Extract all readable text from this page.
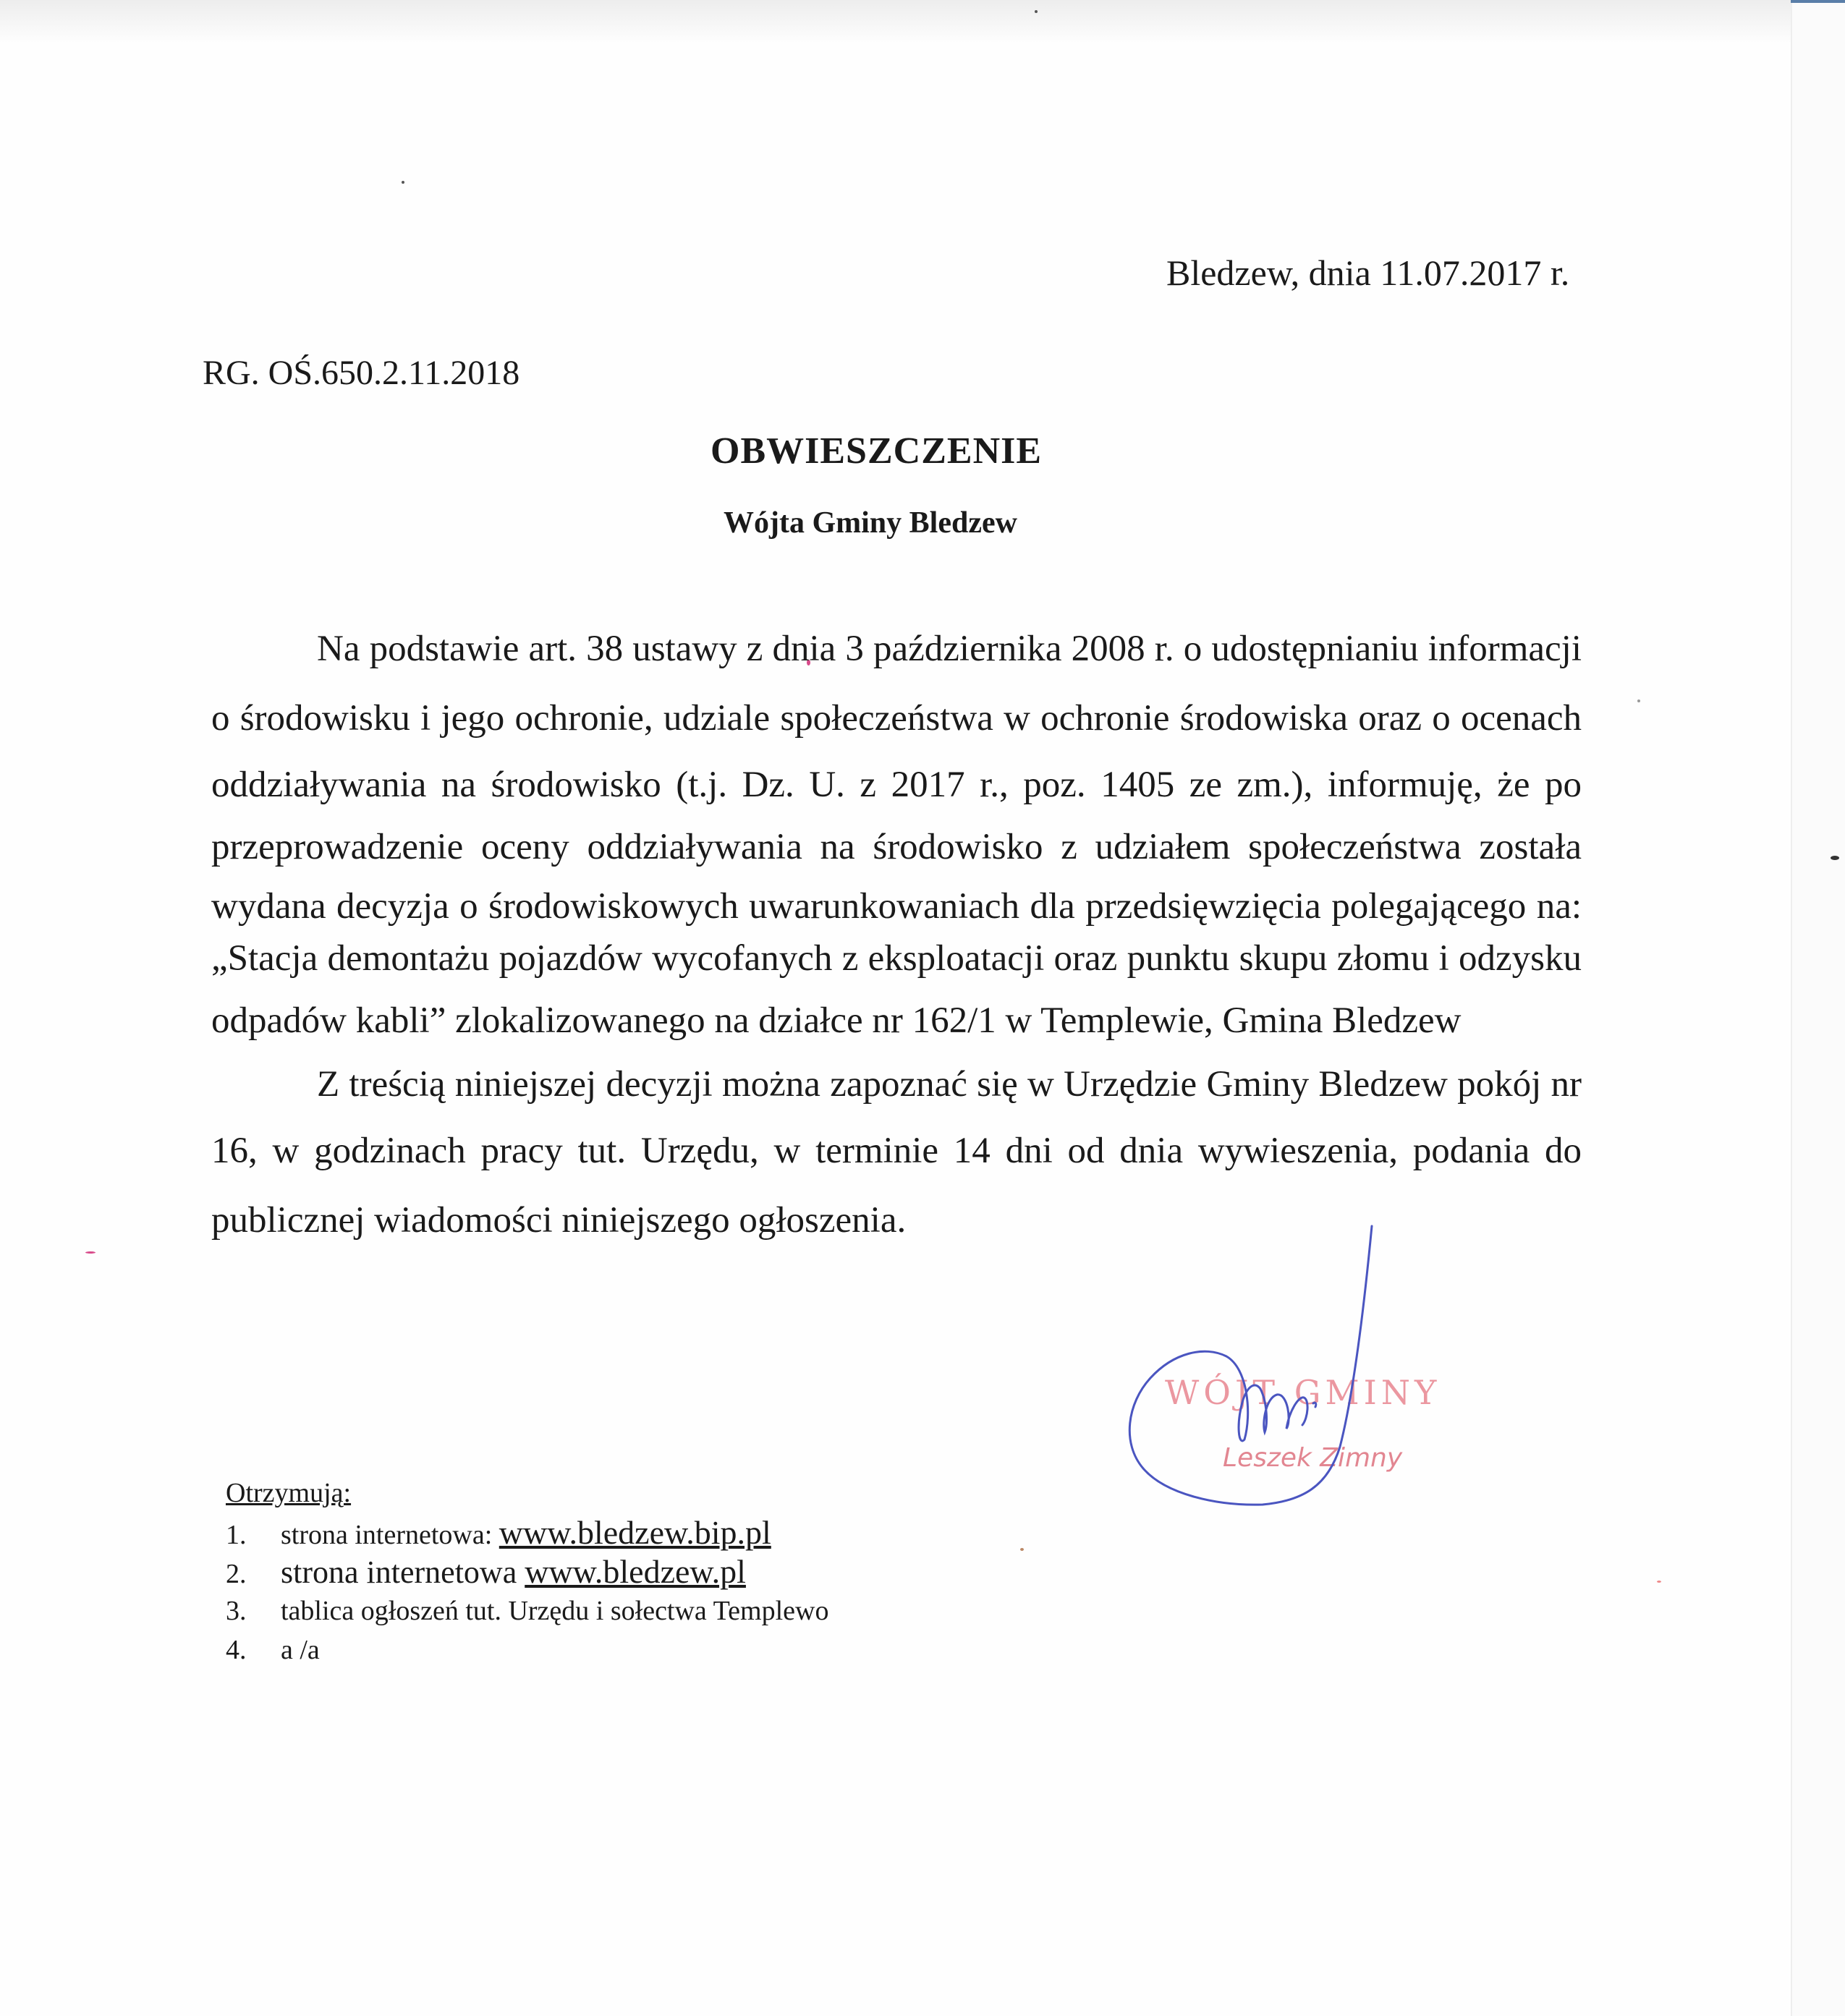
Bledzew, dnia 11.07.2017 r.
RG. OŚ.650.2.11.2018
OBWIESZCZENIE
Wójta Gminy Bledzew
Na podstawie art. 38 ustawy z dnia 3 października 2008 r. o udostępnianiu informacji
o środowisku i jego ochronie, udziale społeczeństwa w ochronie środowiska oraz o ocenach
oddziaływania na środowisko (t.j. Dz. U. z 2017 r., poz. 1405 ze zm.), informuję, że po
przeprowadzenie oceny oddziaływania na środowisko z udziałem społeczeństwa została
wydana decyzja o środowiskowych uwarunkowaniach dla przedsięwzięcia polegającego na:
„Stacja demontażu pojazdów wycofanych z eksploatacji oraz punktu skupu złomu i odzysku
odpadów kabli” zlokalizowanego na działce nr 162/1 w Templewie, Gmina Bledzew
Z treścią niniejszej decyzji można zapoznać się w Urzędzie Gminy Bledzew pokój nr
16, w godzinach pracy tut. Urzędu, w terminie 14 dni od dnia wywieszenia, podania do
publicznej wiadomości niniejszego ogłoszenia.
WÓJT GMINY
Leszek Zimny
Otrzymują:
1. strona internetowa: www.bledzew.bip.pl
2. strona internetowa www.bledzew.pl
3. tablica ogłoszeń tut. Urzędu i sołectwa Templewo
4. a /a
